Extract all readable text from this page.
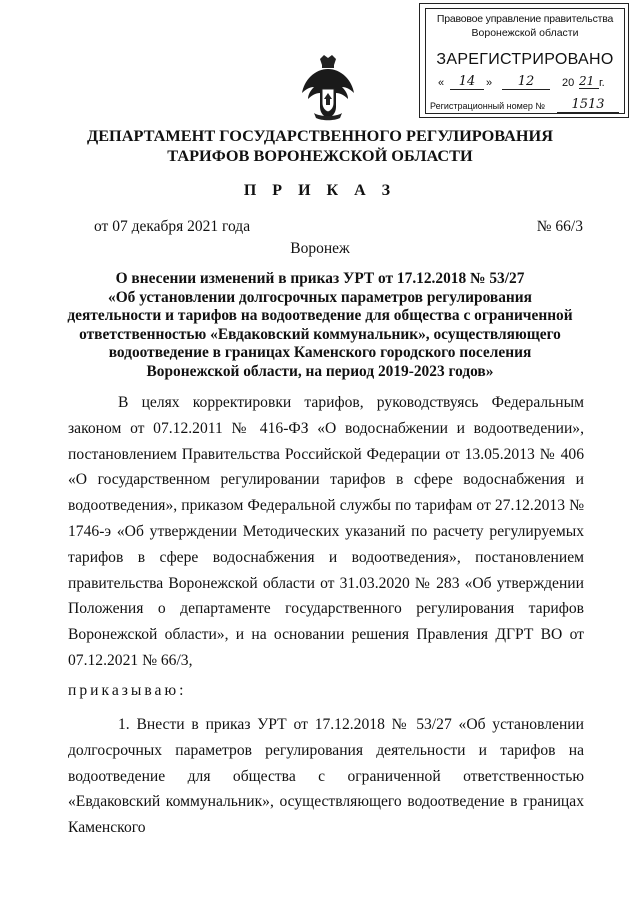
Правовое управление правительства
Воронежской области
ЗАРЕГИСТРИРОВАНО
«	14 »	12	20 21 г.
Регистрационный номер №	1513
ДЕПАРТАМЕНТ ГОСУДАРСТВЕННОГО РЕГУЛИРОВАНИЯ
ТАРИФОВ ВОРОНЕЖСКОЙ ОБЛАСТИ
П Р И К А З
от 07 декабря 2021 года	№ 66/3
Воронеж
О внесении изменений в приказ УРТ от 17.12.2018 № 53/27
«Об установлении долгосрочных параметров регулирования
деятельности и тарифов на водоотведение для общества с ограниченной
ответственностью «Евдаковский коммунальник», осуществляющего
водоотведение в границах Каменского городского поселения
Воронежской области, на период 2019-2023 годов»
В целях корректировки тарифов, руководствуясь Федеральным законом от 07.12.2011 № 416-ФЗ «О водоснабжении и водоотведении», постановлением Правительства Российской Федерации от 13.05.2013 № 406 «О государственном регулировании тарифов в сфере водоснабжения и водоотведения», приказом Федеральной службы по тарифам от 27.12.2013 № 1746-э «Об утверждении Методических указаний по расчету регулируемых тарифов в сфере водоснабжения и водоотведения», постановлением правительства Воронежской области от 31.03.2020 № 283 «Об утверждении Положения о департаменте государственного регулирования тарифов Воронежской области», и на основании решения Правления ДГРТ ВО от 07.12.2021 № 66/3,
приказываю:
1. Внести в приказ УРТ от 17.12.2018 № 53/27 «Об установлении долгосрочных параметров регулирования деятельности и тарифов на водоотведение для общества с ограниченной ответственностью «Евдаковский коммунальник», осуществляющего водоотведение в границах Каменского
